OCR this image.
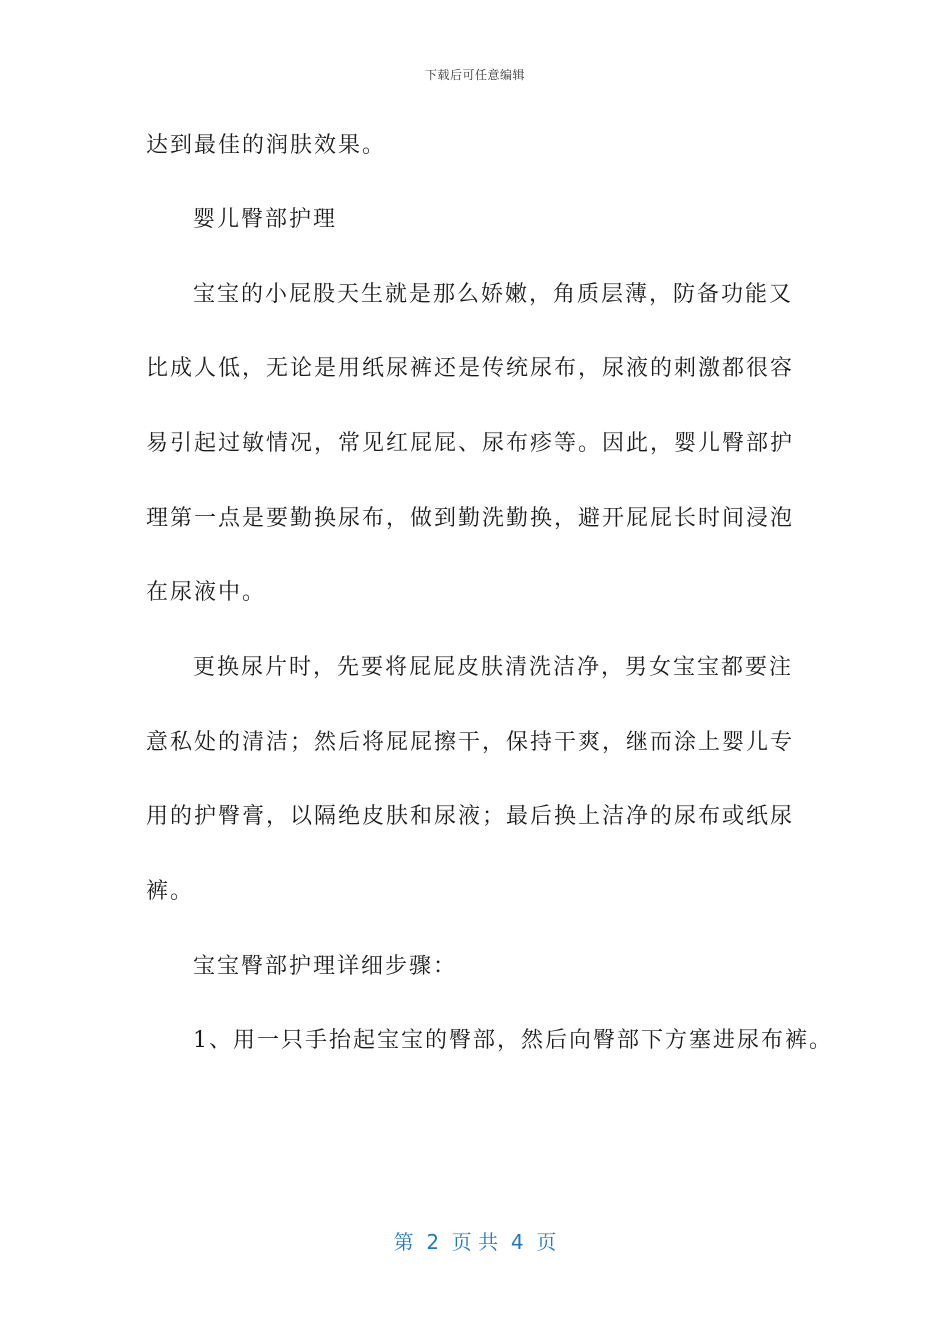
下载后可任意编辑
达到最佳的润肤效果。
婴儿臀部护理
宝宝的小屁股天生就是那么娇嫩，角质层薄，防备功能又
比成人低，无论是用纸尿裤还是传统尿布，尿液的刺激都很容
易引起过敏情况，常见红屁屁、尿布疹等。因此，婴儿臀部护
理第一点是要勤换尿布，做到勤洗勤换，避开屁屁长时间浸泡
在尿液中。
更换尿片时，先要将屁屁皮肤清洗洁净，男女宝宝都要注
意私处的清洁；然后将屁屁擦干，保持干爽，继而涂上婴儿专
用的护臀膏，以隔绝皮肤和尿液；最后换上洁净的尿布或纸尿
裤。
宝宝臀部护理详细步骤：
1、用一只手抬起宝宝的臀部，然后向臀部下方塞进尿布裤。
第  2  页 共  4  页
